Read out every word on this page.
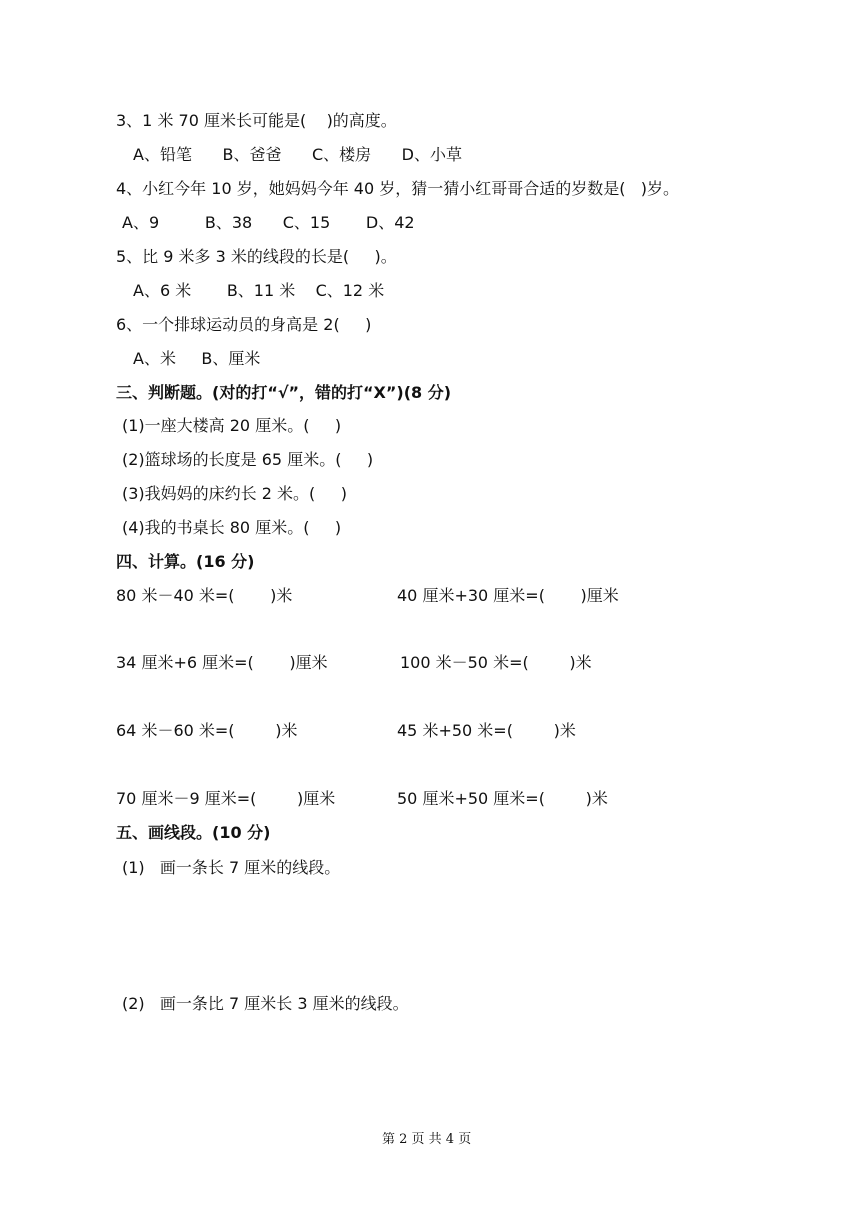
3、1 米 70 厘米长可能是(    )的高度。
A、铅笔      B、爸爸      C、楼房      D、小草
4、小红今年 10 岁，她妈妈今年 40 岁，猜一猜小红哥哥合适的岁数是(   )岁。
A、9         B、38      C、15       D、42
5、比 9 米多 3 米的线段的长是(     )。
A、6 米       B、11 米    C、12 米
6、一个排球运动员的身高是 2(     )
A、米     B、厘米
三、判断题。(对的打“√”，错的打“X”)(8 分)
(1)一座大楼高 20 厘米。(     )
(2)篮球场的长度是 65 厘米。(     )
(3)我妈妈的床约长 2 米。(     )
(4)我的书桌长 80 厘米。(     )
四、计算。(16 分)
80 米－40 米=(       )米	40 厘米+30 厘米=(       )厘米
34 厘米+6 厘米=(       )厘米	100 米－50 米=(        )米
64 米－60 米=(        )米	45 米+50 米=(        )米
70 厘米－9 厘米=(        )厘米	50 厘米+50 厘米=(        )米
五、画线段。(10 分)
(1)   画一条长 7 厘米的线段。
(2)   画一条比 7 厘米长 3 厘米的线段。
第 2 页 共 4 页
